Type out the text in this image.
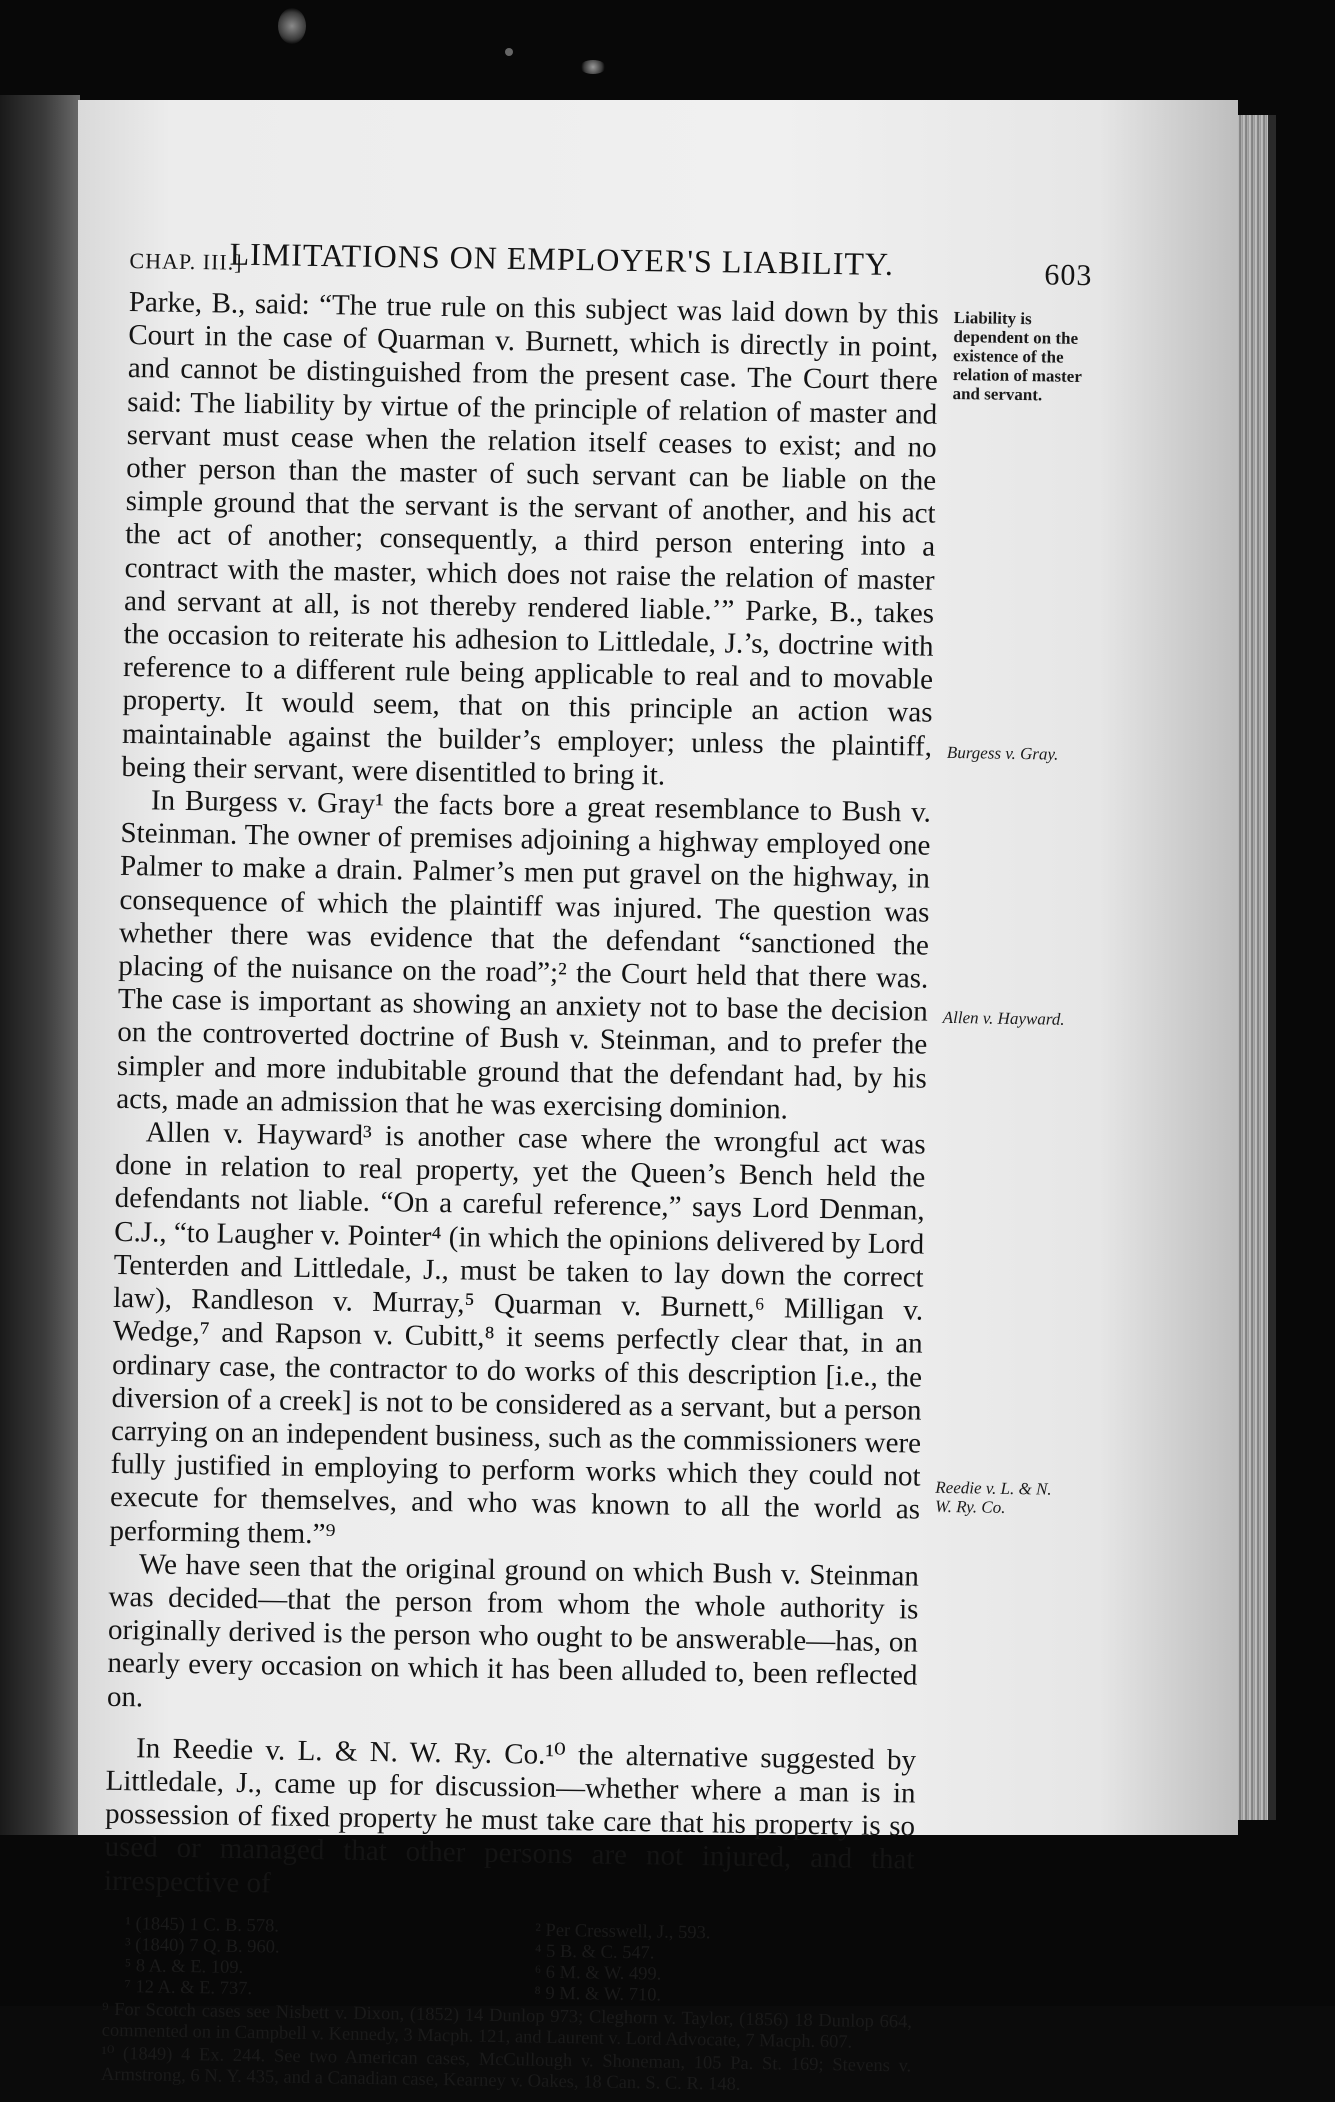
CHAP. III.]
LIMITATIONS ON EMPLOYER'S LIABILITY.	603
Liability is dependent on the existence of the relation of master and servant.
Burgess v. Gray.
Allen v. Hayward.
Reedie v. L. & N. W. Ry. Co.

Parke, B., said: “The true rule on this subject was laid down by this Court in the case of Quarman v. Burnett, which is directly in point, and cannot be distinguished from the present case. The Court there said: The liability by virtue of the principle of relation of master and servant must cease when the relation itself ceases to exist; and no other person than the master of such servant can be liable on the simple ground that the servant is the servant of another, and his act the act of another; consequently, a third person entering into a contract with the master, which does not raise the relation of master and servant at all, is not thereby rendered liable.’” Parke, B., takes the occasion to reiterate his adhesion to Littledale, J.’s, doctrine with reference to a different rule being applicable to real and to movable property. It would seem, that on this principle an action was maintainable against the builder’s employer; unless the plaintiff, being their servant, were disentitled to bring it.

In Burgess v. Gray¹ the facts bore a great resemblance to Bush v. Steinman. The owner of premises adjoining a highway employed one Palmer to make a drain. Palmer’s men put gravel on the highway, in consequence of which the plaintiff was injured. The question was whether there was evidence that the defendant “sanctioned the placing of the nuisance on the road”;² the Court held that there was. The case is important as showing an anxiety not to base the decision on the controverted doctrine of Bush v. Steinman, and to prefer the simpler and more indubitable ground that the defendant had, by his acts, made an admission that he was exercising dominion.

Allen v. Hayward³ is another case where the wrongful act was done in relation to real property, yet the Queen’s Bench held the defendants not liable. “On a careful reference,” says Lord Denman, C.J., “to Laugher v. Pointer⁴ (in which the opinions delivered by Lord Tenterden and Littledale, J., must be taken to lay down the correct law), Randleson v. Murray,⁵ Quarman v. Burnett,⁶ Milligan v. Wedge,⁷ and Rapson v. Cubitt,⁸ it seems perfectly clear that, in an ordinary case, the contractor to do works of this description [i.e., the diversion of a creek] is not to be considered as a servant, but a person carrying on an independent business, such as the commissioners were fully justified in employing to perform works which they could not execute for themselves, and who was known to all the world as performing them.”⁹

We have seen that the original ground on which Bush v. Steinman was decided—that the person from whom the whole authority is originally derived is the person who ought to be answerable—has, on nearly every occasion on which it has been alluded to, been reflected on.

In Reedie v. L. & N. W. Ry. Co.¹⁰ the alternative suggested by Littledale, J., came up for discussion—whether where a man is in possession of fixed property he must take care that his property is so used or managed that other persons are not injured, and that irrespective of

¹ (1845) 1 C. B. 578.	² Per Cresswell, J., 593.
³ (1840) 7 Q. B. 960.	⁴ 5 B. & C. 547.
⁵ 8 A. & E. 109.	⁶ 6 M. & W. 499.
⁷ 12 A. & E. 737.	⁸ 9 M. & W. 710.
⁹ For Scotch cases see Nisbett v. Dixon, (1852) 14 Dunlop 973; Cleghorn v. Taylor, (1856) 18 Dunlop 664, commented on in Campbell v. Kennedy, 3 Macph. 121, and Laurent v. Lord Advocate, 7 Macph. 607.
¹⁰ (1849) 4 Ex. 244. See two American cases, McCullough v. Shoneman, 105 Pa. St. 169; Stevens v. Armstrong, 6 N. Y. 435, and a Canadian case, Kearney v. Oakes, 18 Can. S. C. R. 148.
